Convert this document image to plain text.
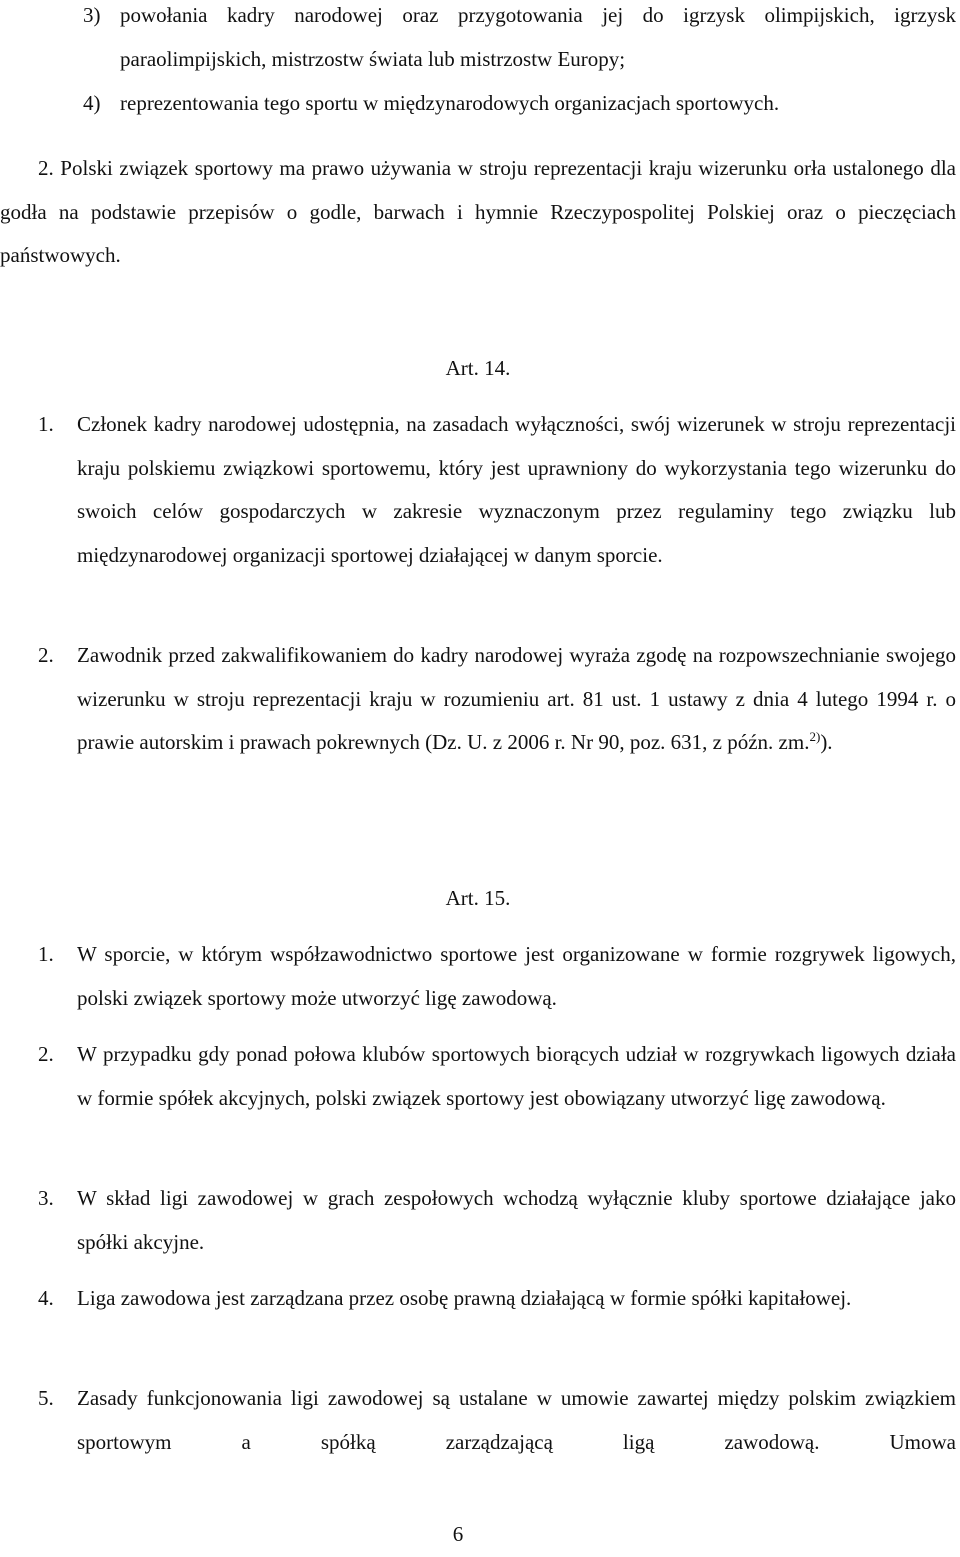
3) powołania kadry narodowej oraz przygotowania jej do igrzysk olimpijskich, igrzysk paraolimpijskich, mistrzostw świata lub mistrzostw Europy;
4) reprezentowania tego sportu w międzynarodowych organizacjach sportowych.
2. Polski związek sportowy ma prawo używania w stroju reprezentacji kraju wizerunku orła ustalonego dla godła na podstawie przepisów o godle, barwach i hymnie Rzeczypospolitej Polskiej oraz o pieczęciach państwowych.
Art. 14.
1. Członek kadry narodowej udostępnia, na zasadach wyłączności, swój wizerunek w stroju reprezentacji kraju polskiemu związkowi sportowemu, który jest uprawniony do wykorzystania tego wizerunku do swoich celów gospodarczych w zakresie wyznaczonym przez regulaminy tego związku lub międzynarodowej organizacji sportowej działającej w danym sporcie.
2. Zawodnik przed zakwalifikowaniem do kadry narodowej wyraża zgodę na rozpowszechnianie swojego wizerunku w stroju reprezentacji kraju w rozumieniu art. 81 ust. 1 ustawy z dnia 4 lutego 1994 r. o prawie autorskim i prawach pokrewnych (Dz. U. z 2006 r. Nr 90, poz. 631, z późn. zm.$^{2)}$).
Art. 15.
1. W sporcie, w którym współzawodnictwo sportowe jest organizowane w formie rozgrywek ligowych, polski związek sportowy może utworzyć ligę zawodową.
2. W przypadku gdy ponad połowa klubów sportowych biorących udział w rozgrywkach ligowych działa w formie spółek akcyjnych, polski związek sportowy jest obowiązany utworzyć ligę zawodową.
3. W skład ligi zawodowej w grach zespołowych wchodzą wyłącznie kluby sportowe działające jako spółki akcyjne.
4. Liga zawodowa jest zarządzana przez osobę prawną działającą w formie spółki kapitałowej.
5. Zasady funkcjonowania ligi zawodowej są ustalane w umowie zawartej między polskim związkiem sportowym a spółką zarządzającą ligą zawodową. Umowa
6
